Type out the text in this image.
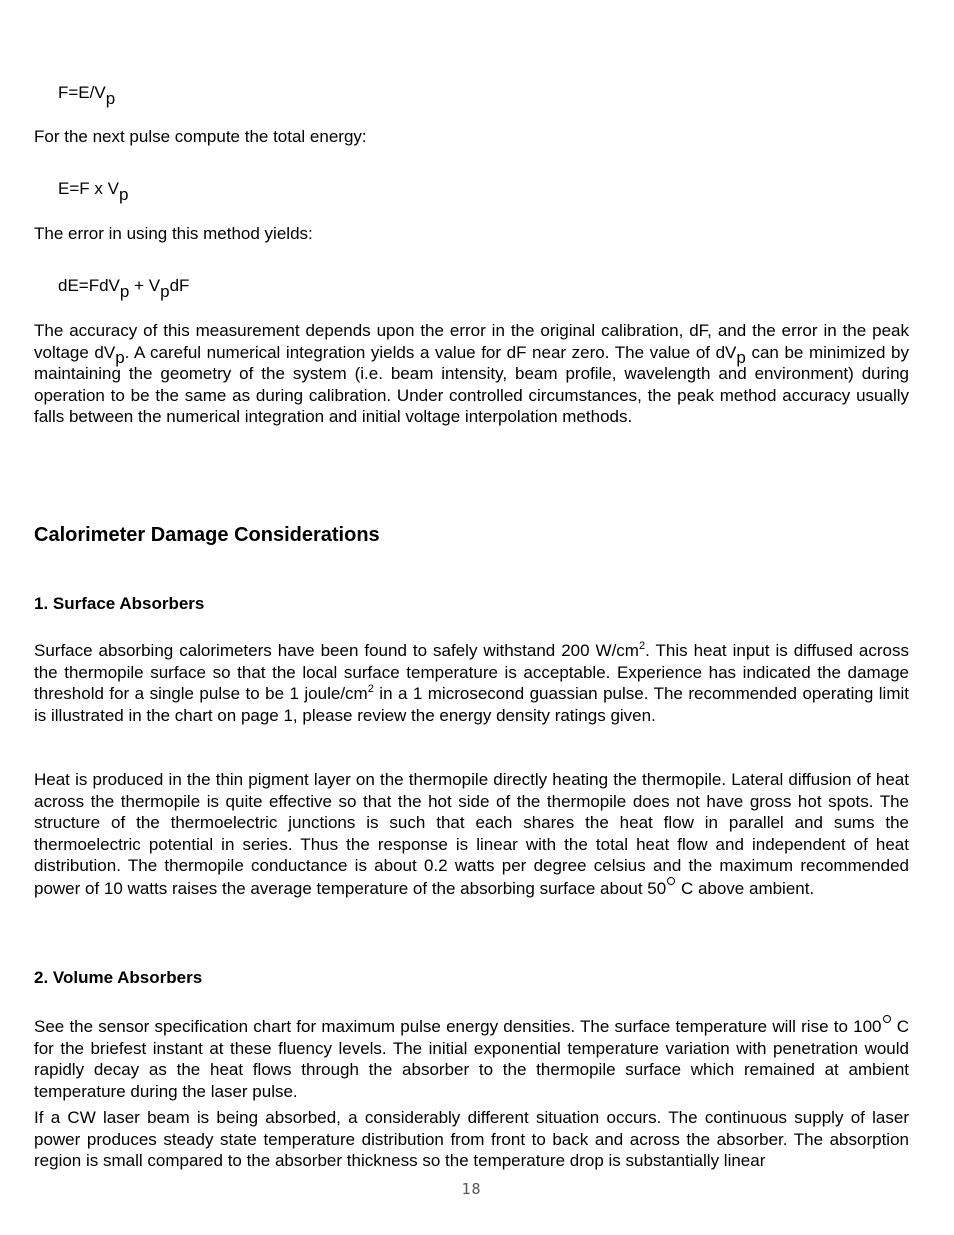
F=E/Vp
For the next pulse compute the total energy:
E=F x Vp
The error in using this method yields:
dE=FdVp + VpdF

The accuracy of this measurement depends upon the error in the original calibration, dF, and the error in the peak voltage dVp. A careful numerical integration yields a value for dF near zero. The value of dVp can be minimized by maintaining the geometry of the system (i.e. beam intensity, beam profile, wavelength and environment) during operation to be the same as during calibration. Under controlled circumstances, the peak method accuracy usually falls between the numerical integration and initial voltage interpolation methods.

Calorimeter Damage Considerations
1. Surface Absorbers

Surface absorbing calorimeters have been found to safely withstand 200 $W/cm^2$. This heat input is diffused across the thermopile surface so that the local surface temperature is acceptable. Experience has indicated the damage threshold for a single pulse to be 1 joule/$cm^2$ in a 1 microsecond guassian pulse. The recommended operating limit is illustrated in the chart on page 1, please review the energy density ratings given.

Heat is produced in the thin pigment layer on the thermopile directly heating the thermopile. Lateral diffusion of heat across the thermopile is quite effective so that the hot side of the thermopile does not have gross hot spots. The structure of the thermoelectric junctions is such that each shares the heat flow in parallel and sums the thermoelectric potential in series. Thus the response is linear with the total heat flow and independent of heat distribution. The thermopile conductance is about 0.2 watts per degree celsius and the maximum recommended power of 10 watts raises the average temperature of the absorbing surface about 50 C above ambient.

2. Volume Absorbers

See the sensor specification chart for maximum pulse energy densities. The surface temperature will rise to 100 C for the briefest instant at these fluency levels. The initial exponential temperature variation with penetration would rapidly decay as the heat flows through the absorber to the thermopile surface which remained at ambient temperature during the laser pulse.

If a CW laser beam is being absorbed, a considerably different situation occurs. The continuous supply of laser power produces steady state temperature distribution from front to back and across the absorber. The absorption region is small compared to the absorber thickness so the temperature drop is substantially linear

18
